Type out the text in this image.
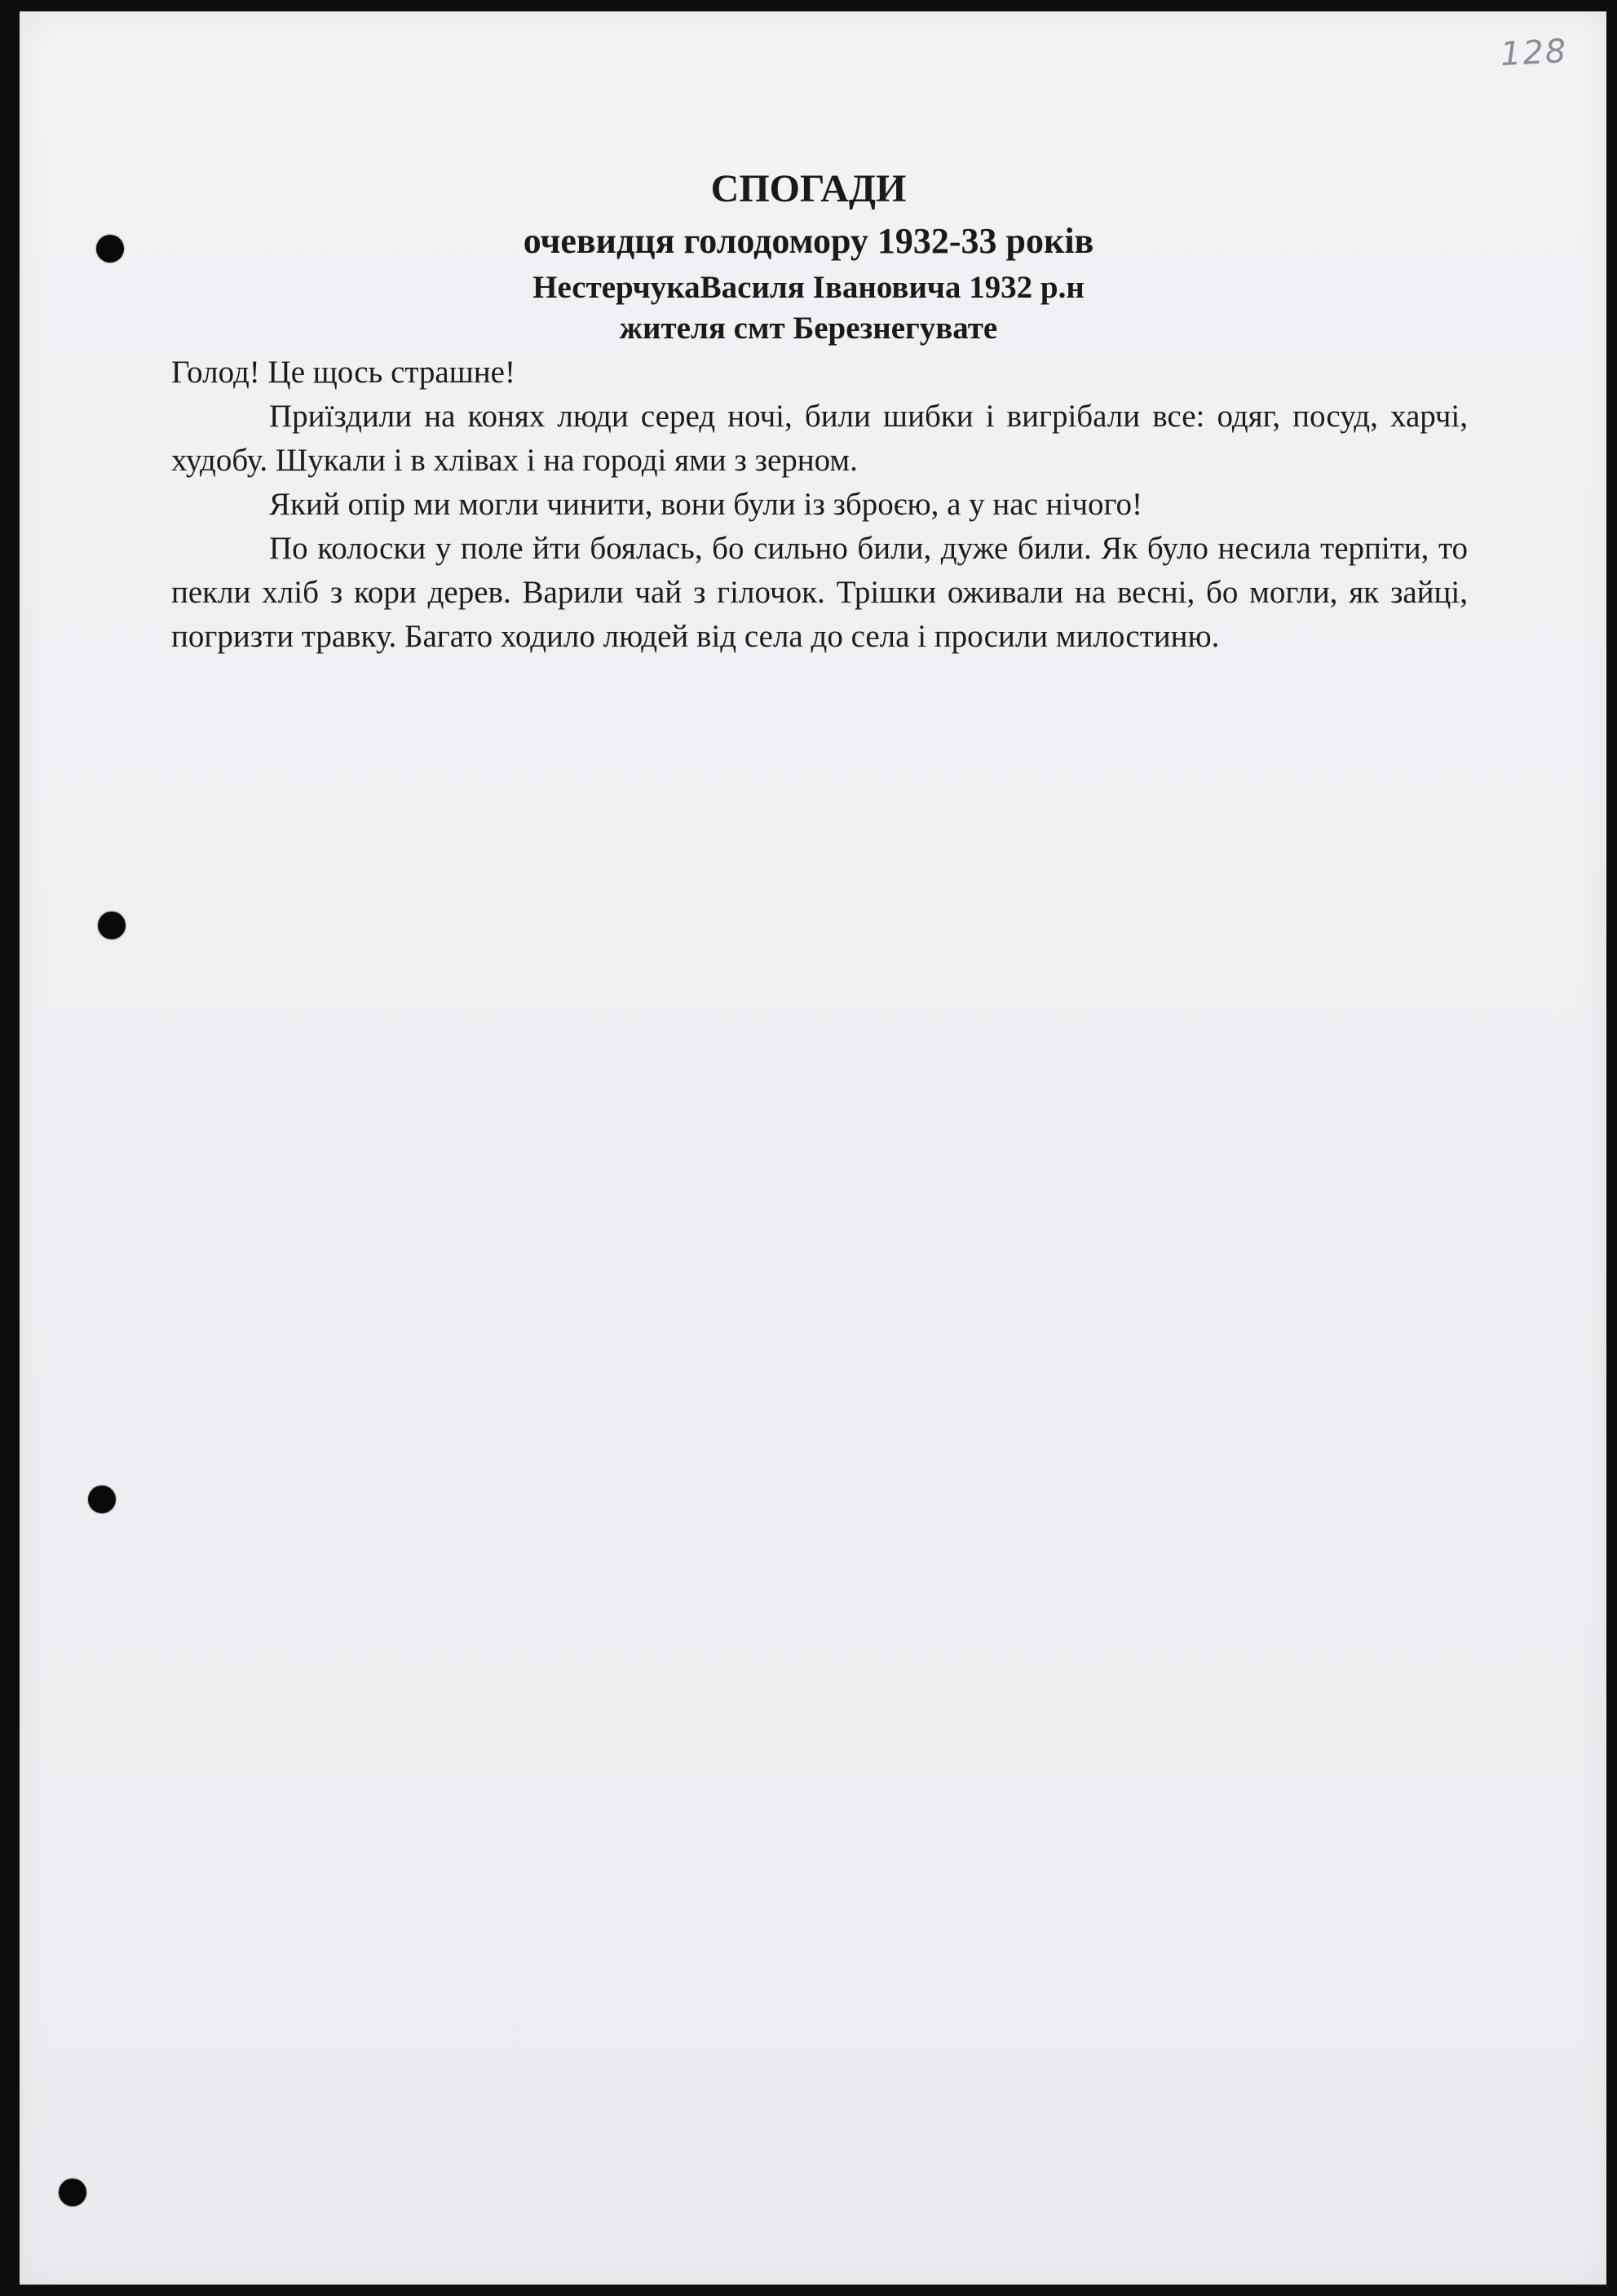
128
СПОГАДИ
очевидця голодомору 1932-33 років
НестерчукаВасиля Івановича 1932 р.н
жителя смт Березнегувате

Голод! Це щось страшне!

Приїздили на конях люди серед ночі, били шибки і вигрібали все: одяг, посуд, харчі, худобу. Шукали і в хлівах і на городі ями з зерном.

Який опір ми могли чинити, вони були із зброєю, а у нас нічого!

По колоски у поле йти боялась, бо сильно били, дуже били. Як було несила терпіти, то пекли хліб з кори дерев. Варили чай з гілочок. Трішки оживали на весні, бо могли, як зайці, погризти травку. Багато ходило людей від села до села і просили милостиню.
